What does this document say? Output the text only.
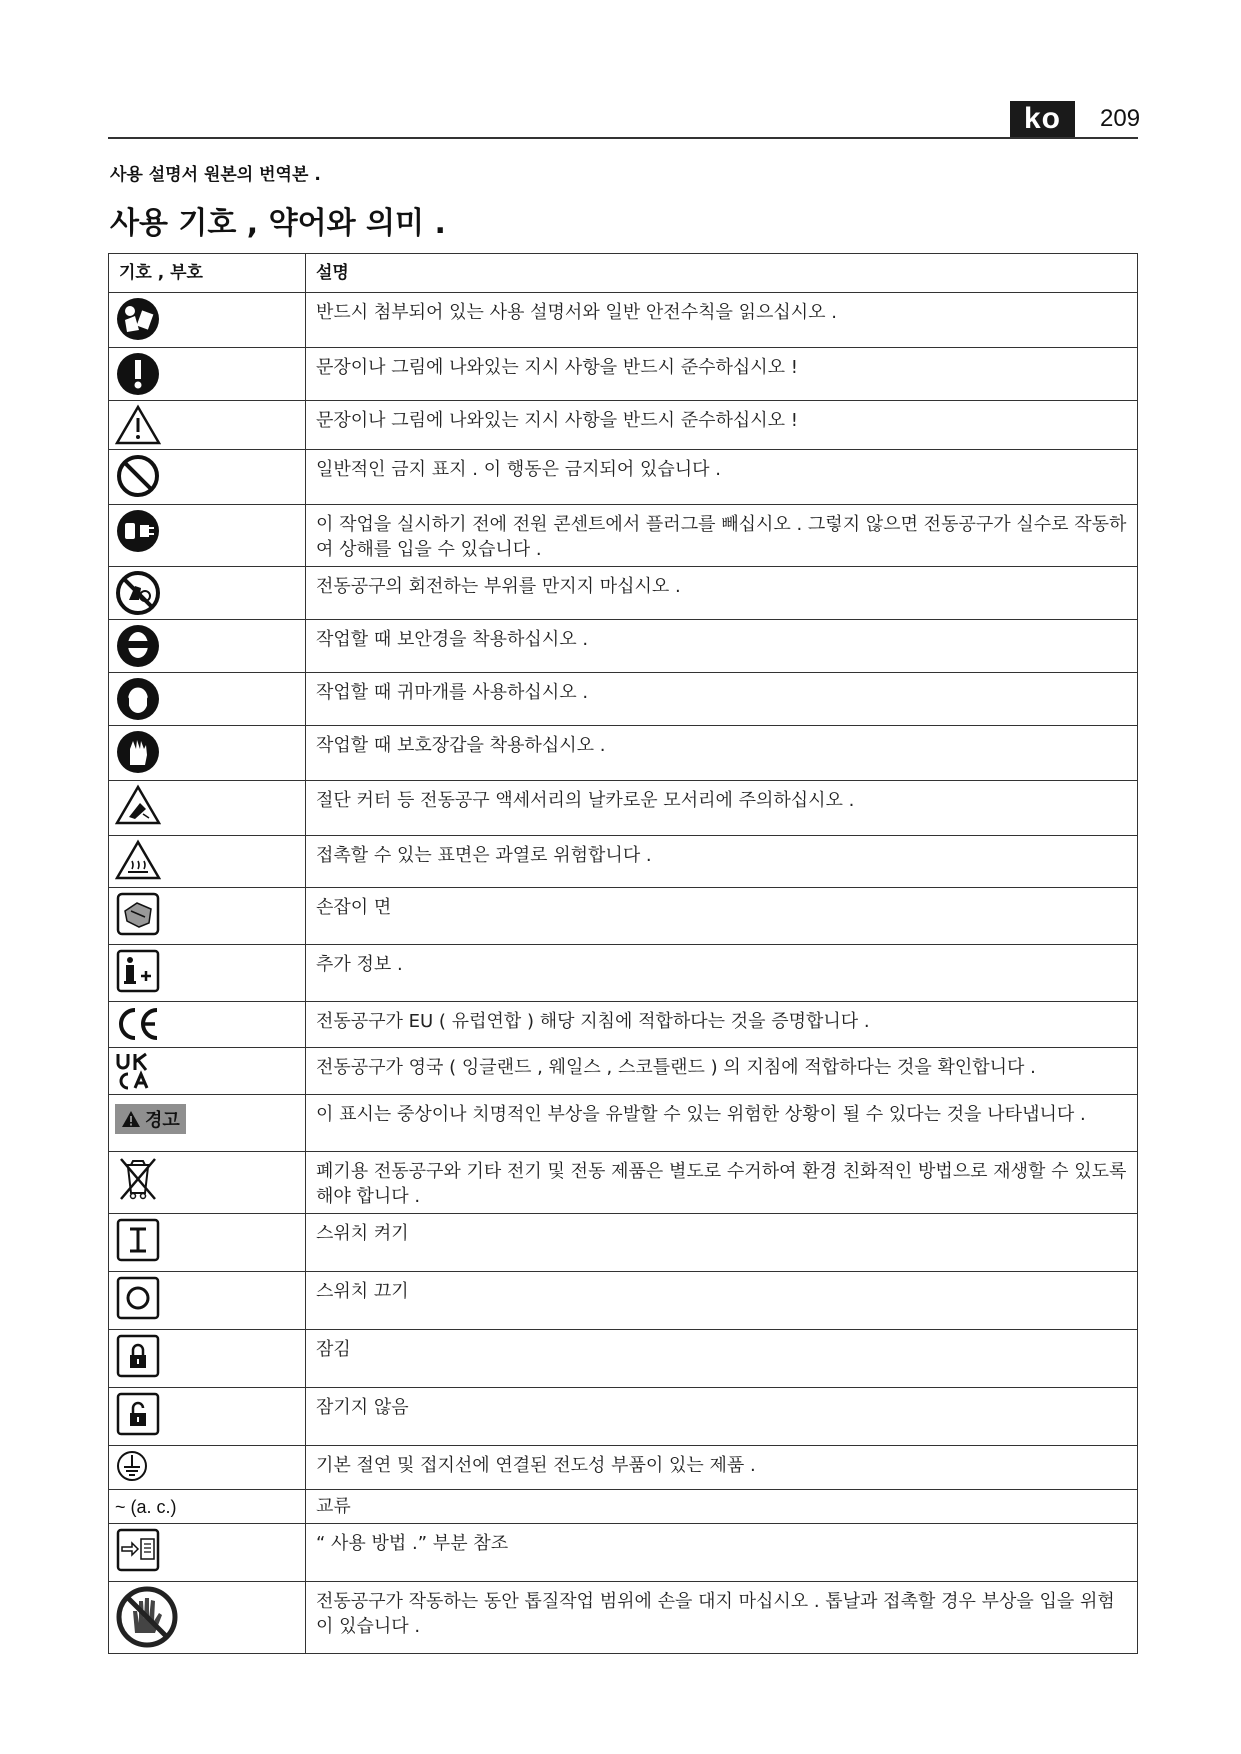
ko	209
사용 설명서 원본의 번역본 .
사용 기호 , 약어와 의미 .
기호 , 부호	설명

	반드시 첨부되어 있는 사용 설명서와 일반 안전수칙을 읽으십시오 .

	문장이나 그림에 나와있는 지시 사항을 반드시 준수하십시오 !

	문장이나 그림에 나와있는 지시 사항을 반드시 준수하십시오 !

	일반적인 금지 표지 . 이 행동은 금지되어 있습니다 .

	이 작업을 실시하기 전에 전원 콘센트에서 플러그를 빼십시오 . 그렇지 않으면 전동공구가 실수로 작동하여 상해를 입을 수 있습니다 .

	전동공구의 회전하는 부위를 만지지 마십시오 .

	작업할 때 보안경을 착용하십시오 .

	작업할 때 귀마개를 사용하십시오 .

	작업할 때 보호장갑을 착용하십시오 .

	절단 커터 등 전동공구 액세서리의 날카로운 모서리에 주의하십시오 .

	접촉할 수 있는 표면은 과열로 위험합니다 .

	손잡이 면

	추가 정보 .

	전동공구가 EU ( 유럽연합 ) 해당 지침에 적합하다는 것을 증명합니다 .

	전동공구가 영국 ( 잉글랜드 , 웨일스 , 스코틀랜드 ) 의 지침에 적합하다는 것을 확인합니다 .

경고	이 표시는 중상이나 치명적인 부상을 유발할 수 있는 위험한 상황이 될 수 있다는 것을 나타냅니다 .

	폐기용 전동공구와 기타 전기 및 전동 제품은 별도로 수거하여 환경 친화적인 방법으로 재생할 수 있도록 해야 합니다 .

	스위치 켜기

	스위치 끄기

	잠김

	잠기지 않음

	기본 절연 및 접지선에 연결된 전도성 부품이 있는 제품 .

~ (a. c.)	교류

	“ 사용 방법 .” 부분 참조

	전동공구가 작동하는 동안 톱질작업 범위에 손을 대지 마십시오 . 톱날과 접촉할 경우 부상을 입을 위험이 있습니다 .
